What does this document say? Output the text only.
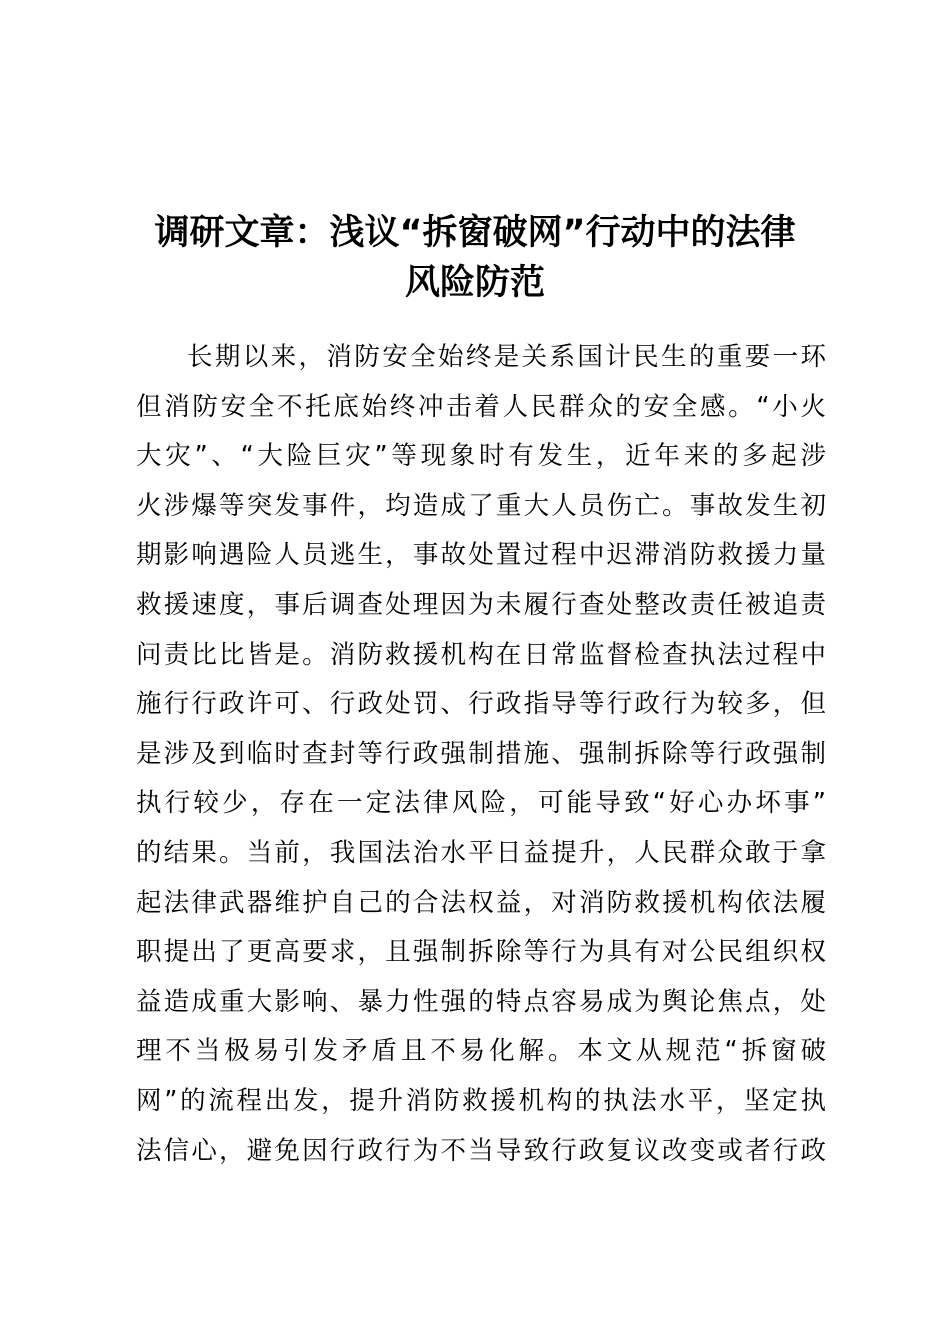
调研文章：浅议“拆窗破网”行动中的法律
风险防范
长期以来，消防安全始终是关系国计民生的重要一环
但消防安全不托底始终冲击着人民群众的安全感。“小火
大灾”、“大险巨灾”等现象时有发生，近年来的多起涉
火涉爆等突发事件，均造成了重大人员伤亡。事故发生初
期影响遇险人员逃生，事故处置过程中迟滞消防救援力量
救援速度，事后调查处理因为未履行查处整改责任被追责
问责比比皆是。消防救援机构在日常监督检查执法过程中
施行行政许可、行政处罚、行政指导等行政行为较多，但
是涉及到临时查封等行政强制措施、强制拆除等行政强制
执行较少，存在一定法律风险，可能导致“好心办坏事”
的结果。当前，我国法治水平日益提升，人民群众敢于拿
起法律武器维护自己的合法权益，对消防救援机构依法履
职提出了更高要求，且强制拆除等行为具有对公民组织权
益造成重大影响、暴力性强的特点容易成为舆论焦点，处
理不当极易引发矛盾且不易化解。本文从规范“拆窗破
网”的流程出发，提升消防救援机构的执法水平，坚定执
法信心，避免因行政行为不当导致行政复议改变或者行政
